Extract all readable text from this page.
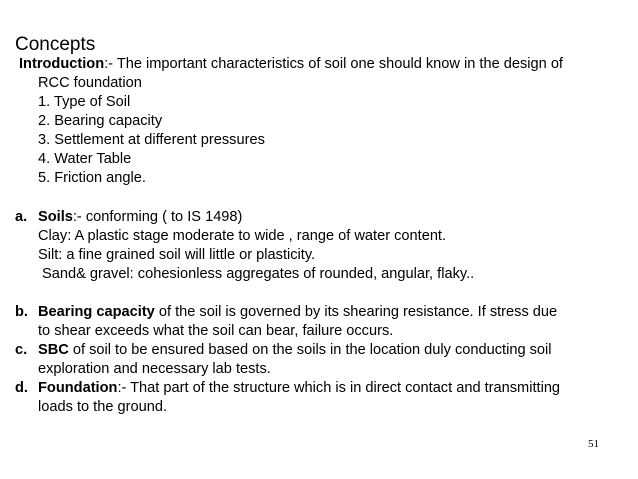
Concepts
Introduction:- The important characteristics of soil one should know in the design of
RCC foundation
1. Type of Soil
2. Bearing capacity
3. Settlement at different pressures
4. Water Table
5. Friction angle.
a. Soils:- conforming ( to IS 1498)
Clay: A plastic stage moderate to wide , range of water content.
Silt: a fine grained soil will little or plasticity.
Sand& gravel: cohesionless aggregates of rounded, angular, flaky..
b. Bearing capacity of the soil is governed by its shearing resistance. If stress due
to shear exceeds what the soil can bear, failure occurs.
c. SBC of soil to be ensured based on the soils in the location duly conducting soil
exploration and necessary lab tests.
d. Foundation:- That part of the structure which is in direct contact and transmitting
loads to the ground.
51
